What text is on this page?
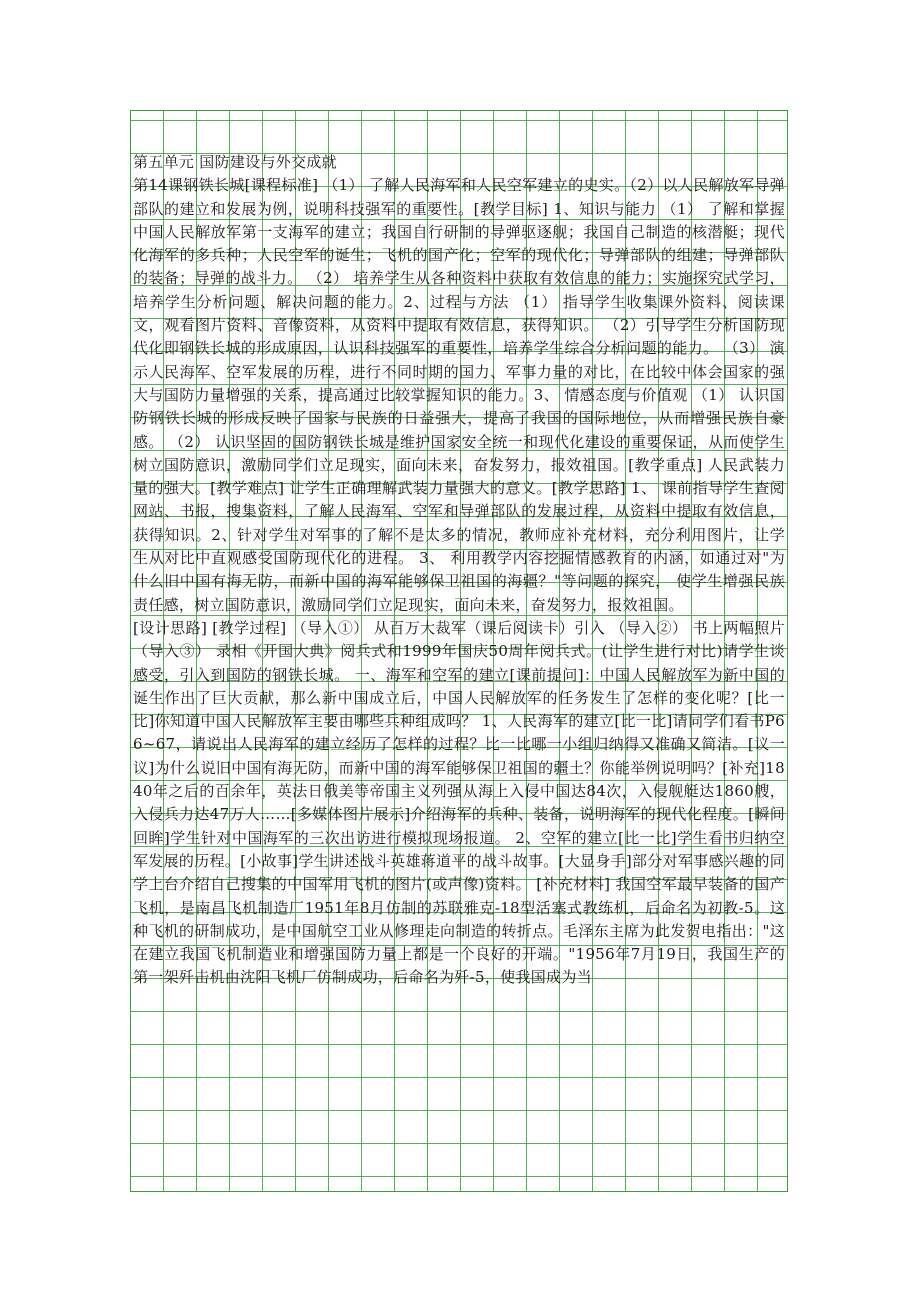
第五单元 国防建设与外交成就

第14课钢铁长城[课程标准] （1） 了解人民海军和人民空军建立的史实。（2）以人民解放军导弹部队的建立和发展为例，说明科技强军的重要性。[教学目标] 1、知识与能力 （1） 了解和掌握中国人民解放军第一支海军的建立；我国自行研制的导弹驱逐舰；我国自己制造的核潜艇；现代化海军的多兵种；人民空军的诞生；飞机的国产化；空军的现代化；导弹部队的组建；导弹部队的装备；导弹的战斗力。 （2） 培养学生从各种资料中获取有效信息的能力；实施探究式学习，培养学生分析问题、解决问题的能力。2、过程与方法 （1） 指导学生收集课外资料、阅读课文，观看图片资料、音像资料，从资料中提取有效信息，获得知识。 （2）引导学生分析国防现代化即钢铁长城的形成原因，认识科技强军的重要性，培养学生综合分析问题的能力。 （3） 演示人民海军、空军发展的历程，进行不同时期的国力、军事力量的对比，在比较中体会国家的强大与国防力量增强的关系，提高通过比较掌握知识的能力。3、 情感态度与价值观 （1） 认识国防钢铁长城的形成反映了国家与民族的日益强大，提高了我国的国际地位，从而增强民族自豪感。 （2） 认识坚固的国防钢铁长城是维护国家安全统一和现代化建设的重要保证，从而使学生树立国防意识，激励同学们立足现实，面向未来，奋发努力，报效祖国。[教学重点] 人民武装力量的强大。[教学难点] 让学生正确理解武装力量强大的意义。[教学思路] 1、 课前指导学生查阅网站、书报，搜集资料，了解人民海军、空军和导弹部队的发展过程，从资料中提取有效信息，获得知识。2、针对学生对军事的了解不是太多的情况，教师应补充材料，充分利用图片，让学生从对比中直观感受国防现代化的进程。 3、 利用教学内容挖掘情感教育的内涵，如通过对"为什么旧中国有海无防，而新中国的海军能够保卫祖国的海疆？"等问题的探究， 使学生增强民族责任感，树立国防意识，激励同学们立足现实，面向未来，奋发努力，报效祖国。

[设计思路] [教学过程] （导入①） 从百万大裁军（课后阅读卡）引入 （导入②） 书上两幅照片 （导入③） 录相《开国大典》阅兵式和1999年国庆50周年阅兵式。(让学生进行对比)请学生谈感受，引入到国防的钢铁长城。 一、海军和空军的建立[课前提问]：中国人民解放军为新中国的诞生作出了巨大贡献，那么新中国成立后，中国人民解放军的任务发生了怎样的变化呢？[比一比]你知道中国人民解放军主要由哪些兵种组成吗？ 1、人民海军的建立[比一比]请同学们看书P66~67，请说出人民海军的建立经历了怎样的过程？比一比哪一小组归纳得又准确又简洁。[议一议]为什么说旧中国有海无防，而新中国的海军能够保卫祖国的疆土？你能举例说明吗？[补充]1840年之后的百余年，英法日俄美等帝国主义列强从海上入侵中国达84次，入侵舰艇达1860艘，入侵兵力达47万人……[多媒体图片展示]介绍海军的兵种、装备，说明海军的现代化程度。[瞬间回眸]学生针对中国海军的三次出访进行模拟现场报道。 2、空军的建立[比一比]学生看书归纳空军发展的历程。[小故事]学生讲述战斗英雄蒋道平的战斗故事。[大显身手]部分对军事感兴趣的同学上台介绍自己搜集的中国军用飞机的图片(或声像)资料。 [补充材料] 我国空军最早装备的国产飞机，是南昌飞机制造厂1951年8月仿制的苏联雅克-18型活塞式教练机，后命名为初教-5。这种飞机的研制成功，是中国航空工业从修理走向制造的转折点。毛泽东主席为此发贺电指出："这在建立我国飞机制造业和增强国防力量上都是一个良好的开端。"1956年7月19日，我国生产的第一架歼击机由沈阳飞机厂仿制成功，后命名为歼-5，使我国成为当
